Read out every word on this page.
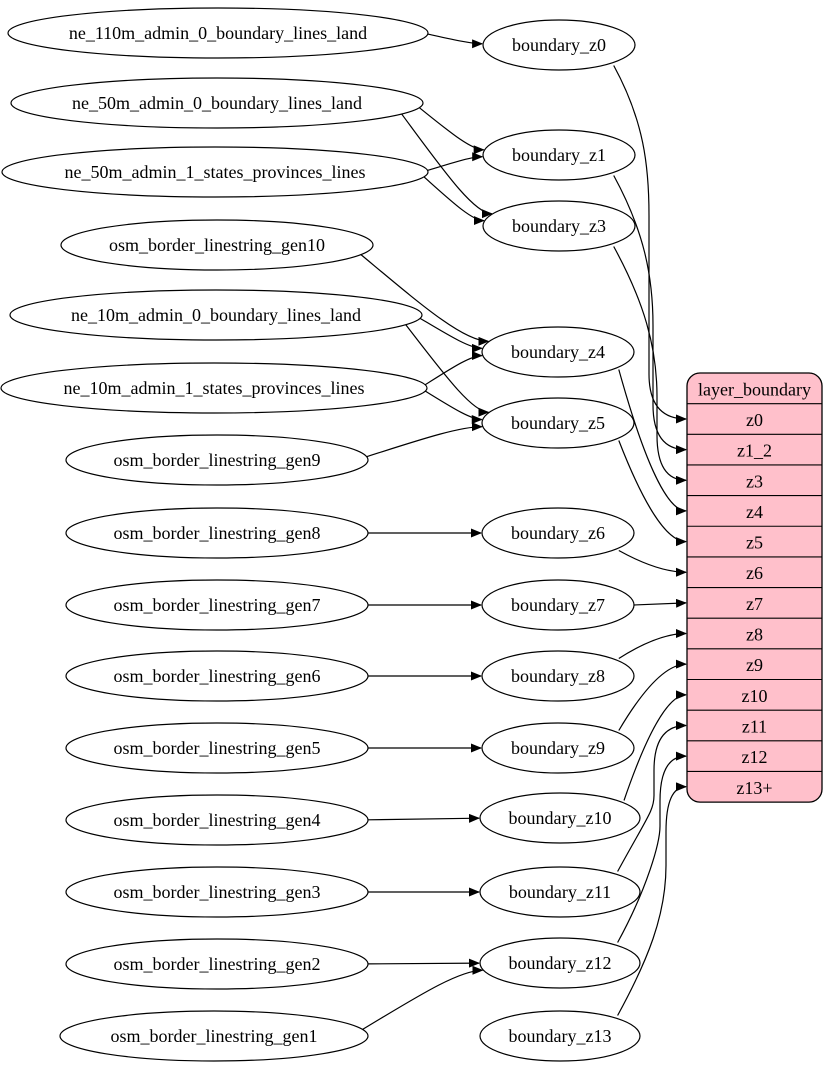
ne_110m_admin_0_boundary_lines_land
ne_50m_admin_0_boundary_lines_land
ne_50m_admin_1_states_provinces_lines
osm_border_linestring_gen10
ne_10m_admin_0_boundary_lines_land
ne_10m_admin_1_states_provinces_lines
osm_border_linestring_gen9
osm_border_linestring_gen8
osm_border_linestring_gen7
osm_border_linestring_gen6
osm_border_linestring_gen5
osm_border_linestring_gen4
osm_border_linestring_gen3
osm_border_linestring_gen2
osm_border_linestring_gen1
boundary_z0
boundary_z1
boundary_z3
boundary_z4
boundary_z5
boundary_z6
boundary_z7
boundary_z8
boundary_z9
boundary_z10
boundary_z11
boundary_z12
boundary_z13
layer_boundary
z0
z1_2
z3
z4
z5
z6
z7
z8
z9
z10
z11
z12
z13+
